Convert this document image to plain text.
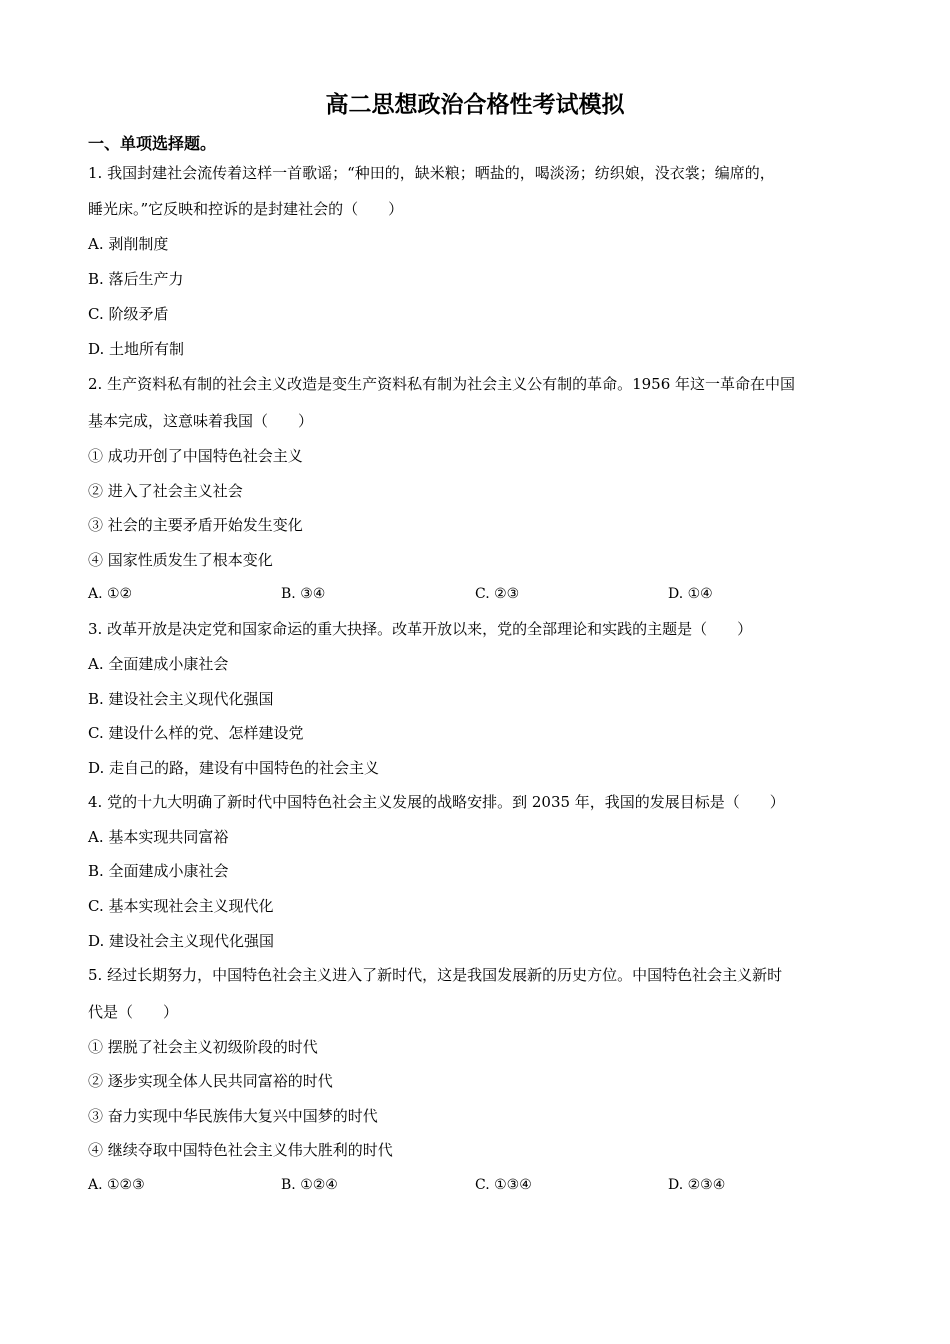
高二思想政治合格性考试模拟
一、单项选择题。
1. 我国封建社会流传着这样一首歌谣；“种田的，缺米粮；晒盐的，喝淡汤；纺织娘，没衣裳；编席的，
睡光床。”它反映和控诉的是封建社会的（　　）
A. 剥削制度
B. 落后生产力
C. 阶级矛盾
D. 土地所有制
2. 生产资料私有制的社会主义改造是变生产资料私有制为社会主义公有制的革命。1956 年这一革命在中国
基本完成，这意味着我国（　　）
① 成功开创了中国特色社会主义
② 进入了社会主义社会
③ 社会的主要矛盾开始发生变化
④ 国家性质发生了根本变化
A. ①②	B. ③④	C. ②③	D. ①④
3. 改革开放是决定党和国家命运的重大抉择。改革开放以来，党的全部理论和实践的主题是（　　）
A. 全面建成小康社会
B. 建设社会主义现代化强国
C. 建设什么样的党、怎样建设党
D. 走自己的路，建设有中国特色的社会主义
4. 党的十九大明确了新时代中国特色社会主义发展的战略安排。到 2035 年，我国的发展目标是（　　）
A. 基本实现共同富裕
B. 全面建成小康社会
C. 基本实现社会主义现代化
D. 建设社会主义现代化强国
5. 经过长期努力，中国特色社会主义进入了新时代，这是我国发展新的历史方位。中国特色社会主义新时
代是（　　）
① 摆脱了社会主义初级阶段的时代
② 逐步实现全体人民共同富裕的时代
③ 奋力实现中华民族伟大复兴中国梦的时代
④ 继续夺取中国特色社会主义伟大胜利的时代
A. ①②③	B. ①②④	C. ①③④	D. ②③④
